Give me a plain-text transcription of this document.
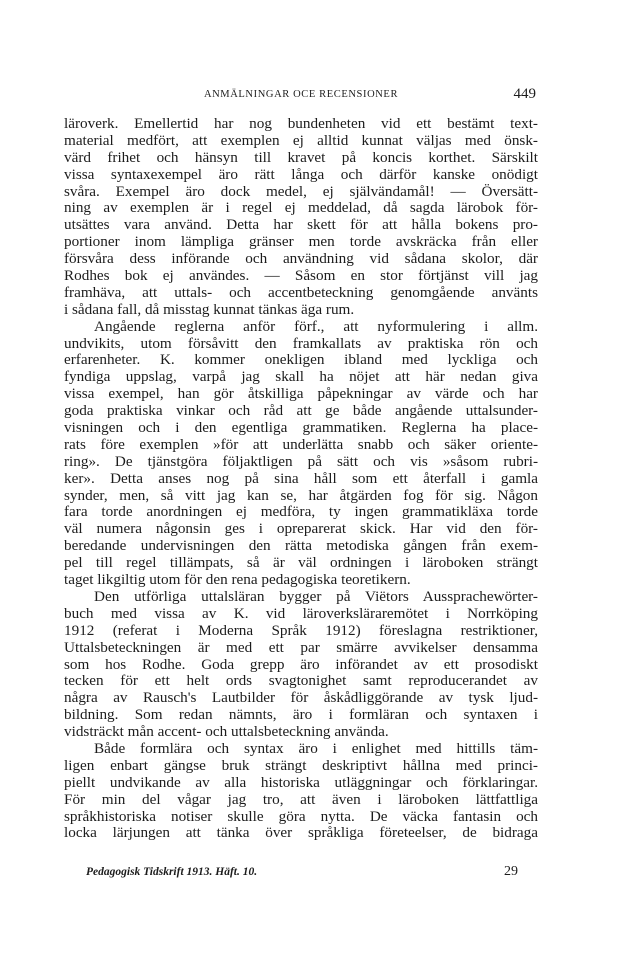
ANMÄLNINGAR OCE RECENSIONER	449
läroverk. Emellertid har nog bundenheten vid ett bestämt text-
material medfört, att exemplen ej alltid kunnat väljas med önsk-
värd frihet och hänsyn till kravet på koncis korthet. Särskilt
vissa syntaxexempel äro rätt långa och därför kanske onödigt
svåra. Exempel äro dock medel, ej självändamål! — Översätt-
ning av exemplen är i regel ej meddelad, då sagda lärobok för-
utsättes vara använd. Detta har skett för att hålla bokens pro-
portioner inom lämpliga gränser men torde avskräcka från eller
försvåra dess införande och användning vid sådana skolor, där
Rodhes bok ej användes. — Såsom en stor förtjänst vill jag
framhäva, att uttals- och accentbeteckning genomgående använts
i sådana fall, då misstag kunnat tänkas äga rum.
Angående reglerna anför förf., att nyformulering i allm.
undvikits, utom försåvitt den framkallats av praktiska rön och
erfarenheter. K. kommer onekligen ibland med lyckliga och
fyndiga uppslag, varpå jag skall ha nöjet att här nedan giva
vissa exempel, han gör åtskilliga påpekningar av värde och har
goda praktiska vinkar och råd att ge både angående uttalsunder-
visningen och i den egentliga grammatiken. Reglerna ha place-
rats före exemplen »för att underlätta snabb och säker oriente-
ring». De tjänstgöra följaktligen på sätt och vis »såsom rubri-
ker». Detta anses nog på sina håll som ett återfall i gamla
synder, men, så vitt jag kan se, har åtgärden fog för sig. Någon
fara torde anordningen ej medföra, ty ingen grammatikläxa torde
väl numera någonsin ges i opreparerat skick. Har vid den för-
beredande undervisningen den rätta metodiska gången från exem-
pel till regel tillämpats, så är väl ordningen i läroboken strängt
taget likgiltig utom för den rena pedagogiska teoretikern.
Den utförliga uttalsläran bygger på Viëtors Aussprachewörter-
buch med vissa av K. vid läroverksläraremötet i Norrköping
1912 (referat i Moderna Språk 1912) föreslagna restriktioner,
Uttalsbeteckningen är med ett par smärre avvikelser densamma
som hos Rodhe. Goda grepp äro införandet av ett prosodiskt
tecken för ett helt ords svagtonighet samt reproducerandet av
några av Rausch's Lautbilder för åskådliggörande av tysk ljud-
bildning. Som redan nämnts, äro i formläran och syntaxen i
vidsträckt mån accent- och uttalsbeteckning använda.
Både formlära och syntax äro i enlighet med hittills täm-
ligen enbart gängse bruk strängt deskriptivt hållna med princi-
piellt undvikande av alla historiska utläggningar och förklaringar.
För min del vågar jag tro, att även i läroboken lättfattliga
språkhistoriska notiser skulle göra nytta. De väcka fantasin och
locka lärjungen att tänka över språkliga företeelser, de bidraga
Pedagogisk Tidskrift 1913. Häft. 10.	29
